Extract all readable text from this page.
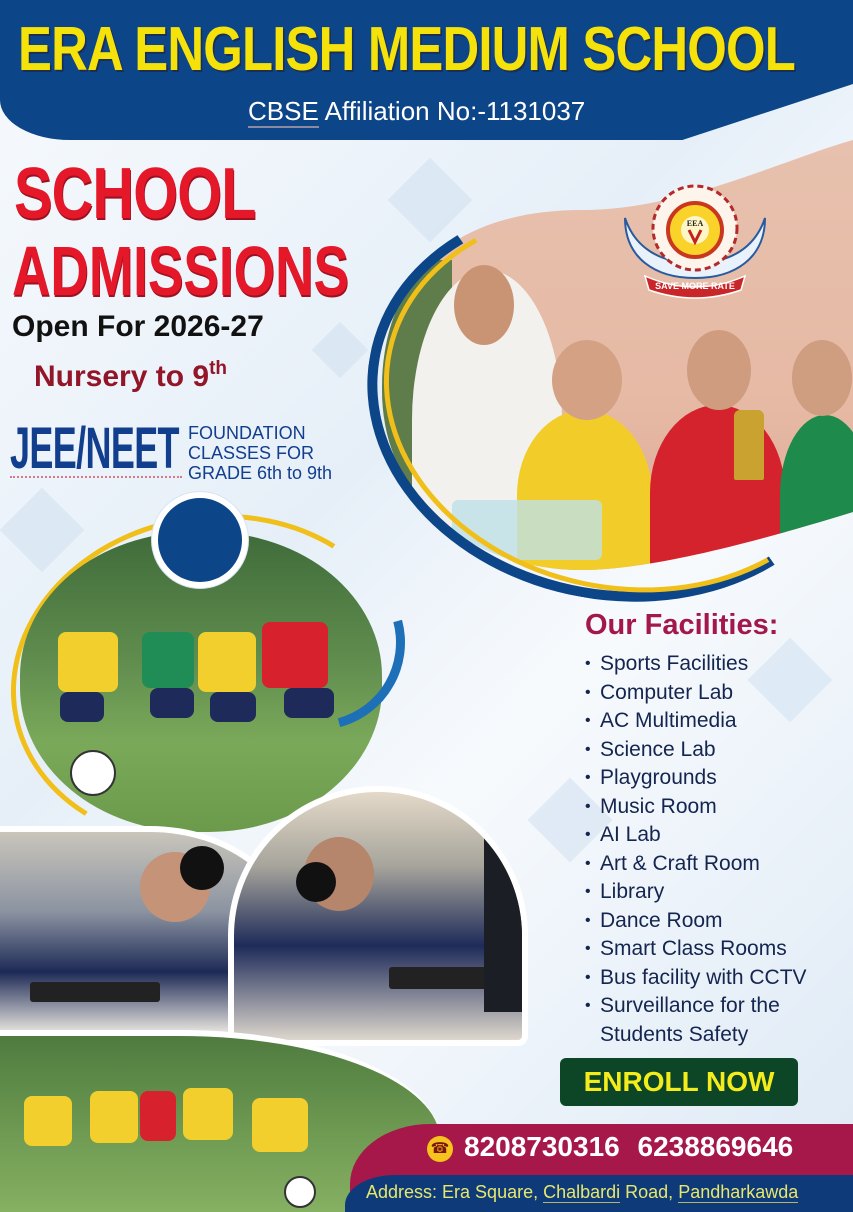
ERA ENGLISH MEDIUM SCHOOL
CBSE Affiliation No:-1131037
EEA
SAVE MORE RATE
SCHOOL
ADMISSIONS
Open For 2026-27
Nursery to 9th
JEE/NEET FOUNDATION
CLASSES FOR
GRADE 6th to 9th
Our Facilities:
• Sports Facilities
• Computer Lab
• AC Multimedia
• Science Lab
• Playgrounds
• Music Room
• AI Lab
• Art & Craft Room
• Library
• Dance Room
• Smart Class Rooms
• Bus facility with CCTV
• Surveillance for the
Students Safety
ENROLL NOW
☎ 8208730316 6238869646
Address: Era Square, Chalbardi Road, Pandharkawda
